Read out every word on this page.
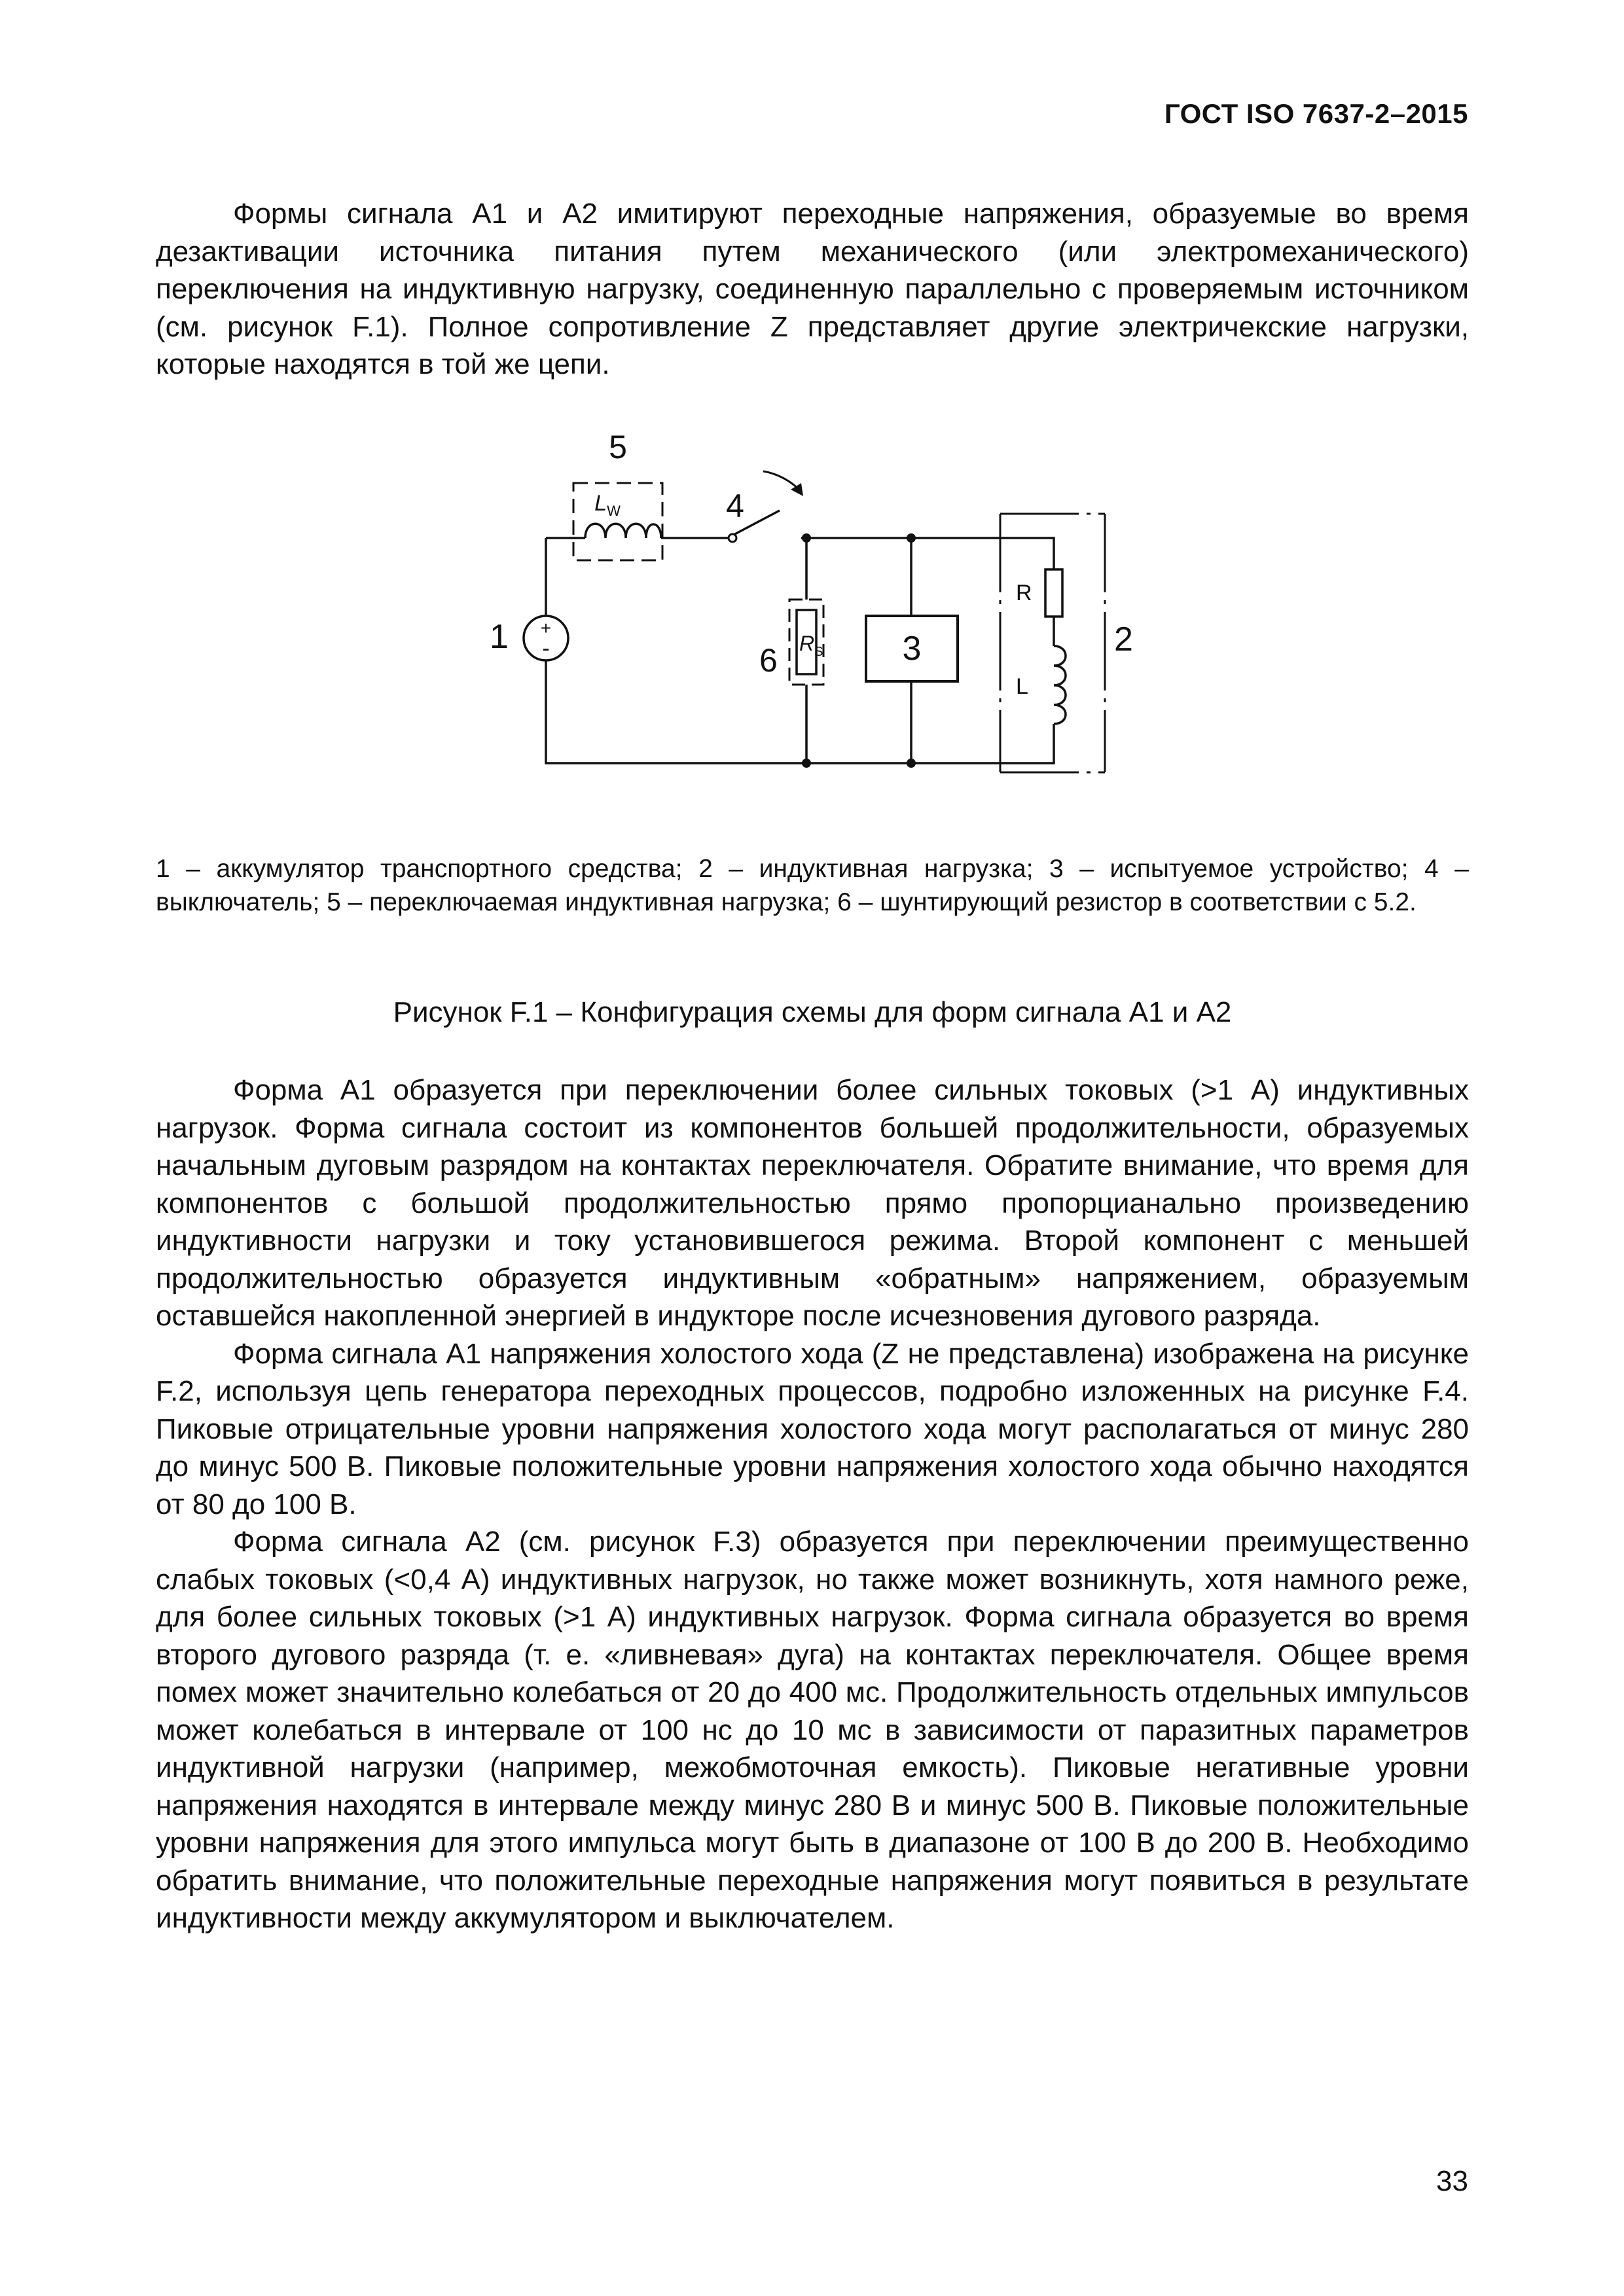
ГОСТ ISO 7637-2–2015
Формы сигнала А1 и А2 имитируют переходные напряжения, образуемые во время дезактивации источника питания путем механического (или электромеханического) переключения на индуктивную нагрузку, соединенную параллельно с проверяемым источником (см. рисунок F.1). Полное сопротивление Z представляет другие электричекские нагрузки, которые находятся в той же цепи.
+
-
5
$L_W$	4
1
6 $R_S$ 3
R
L
2
1 – аккумулятор транспортного средства; 2 – индуктивная нагрузка; 3 – испытуемое устройство; 4 – выключатель; 5 – переключаемая индуктивная нагрузка; 6 – шунтирующий резистор в соответствии с 5.2.
Рисунок F.1 – Конфигурация схемы для форм сигнала А1 и А2

Форма А1 образуется при переключении более сильных токовых (>1 А) индуктивных нагрузок. Форма сигнала состоит из компонентов большей продолжительности, образуемых начальным дуговым разрядом на контактах переключателя. Обратите внимание, что время для компонентов с большой продолжительностью прямо пропорцианально произведению индуктивности нагрузки и току установившегося режима. Второй компонент с меньшей продолжительностью образуется индуктивным «обратным» напряжением, образуемым оставшейся накопленной энергией в индукторе после исчезновения дугового разряда.

Форма сигнала А1 напряжения холостого хода (Z не представлена) изображена на рисунке F.2, используя цепь генератора переходных процессов, подробно изложенных на рисунке F.4. Пиковые отрицательные уровни напряжения холостого хода могут располагаться от минус 280 до минус 500 В. Пиковые положительные уровни напряжения холостого хода обычно находятся от 80 до 100 В.

Форма сигнала А2 (см. рисунок F.3) образуется при переключении преимущественно слабых токовых (<0,4 А) индуктивных нагрузок, но также может возникнуть, хотя намного реже, для более сильных токовых (>1 А) индуктивных нагрузок. Форма сигнала образуется во время второго дугового разряда (т. е. «ливневая» дуга) на контактах переключателя. Общее время помех может значительно колебаться от 20 до 400 мс. Продолжительность отдельных импульсов может колебаться в интервале от 100 нс до 10 мс в зависимости от паразитных параметров индуктивной нагрузки (например, межобмоточная емкость). Пиковые негативные уровни напряжения находятся в интервале между минус 280 В и минус 500 В. Пиковые положительные уровни напряжения для этого импульса могут быть в диапазоне от 100 В до 200 В. Необходимо обратить внимание, что положительные переходные напряжения могут появиться в результате индуктивности между аккумулятором и выключателем.

33
